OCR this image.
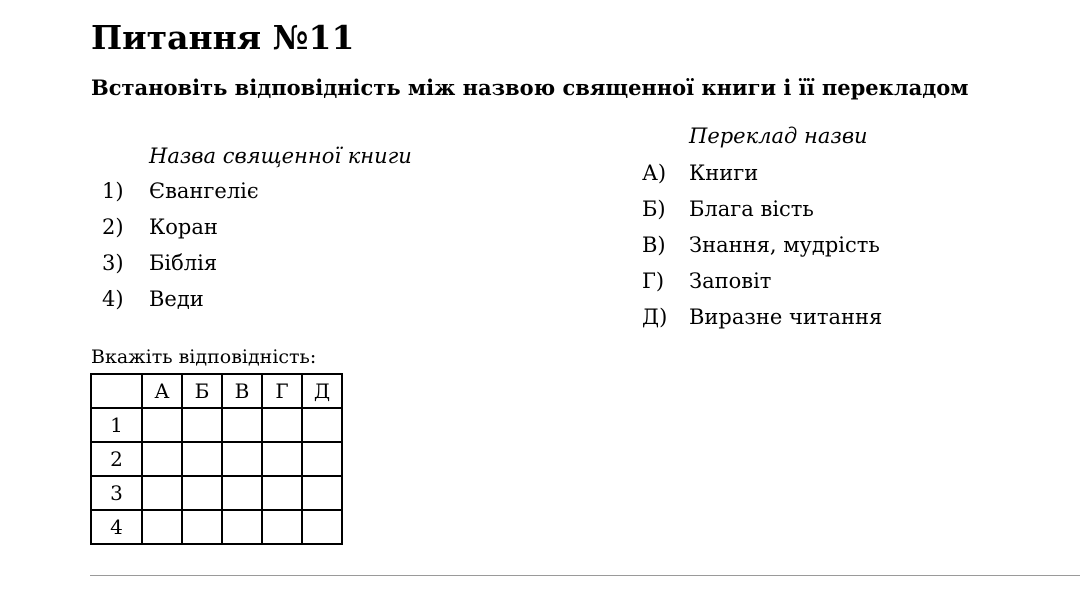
Питання №11
Встановіть відповідність між назвою священної книги і її перекладом
Назва священної книги
1) Євангеліє
2) Коран
3) Біблія
4) Веди
Переклад назви
А) Книги
Б) Блага вість
В) Знання, мудрість
Г) Заповіт
Д) Виразне читання
Вкажіть відповідність:
	А	Б	В	Г	Д
1					
2					
3					
4					
